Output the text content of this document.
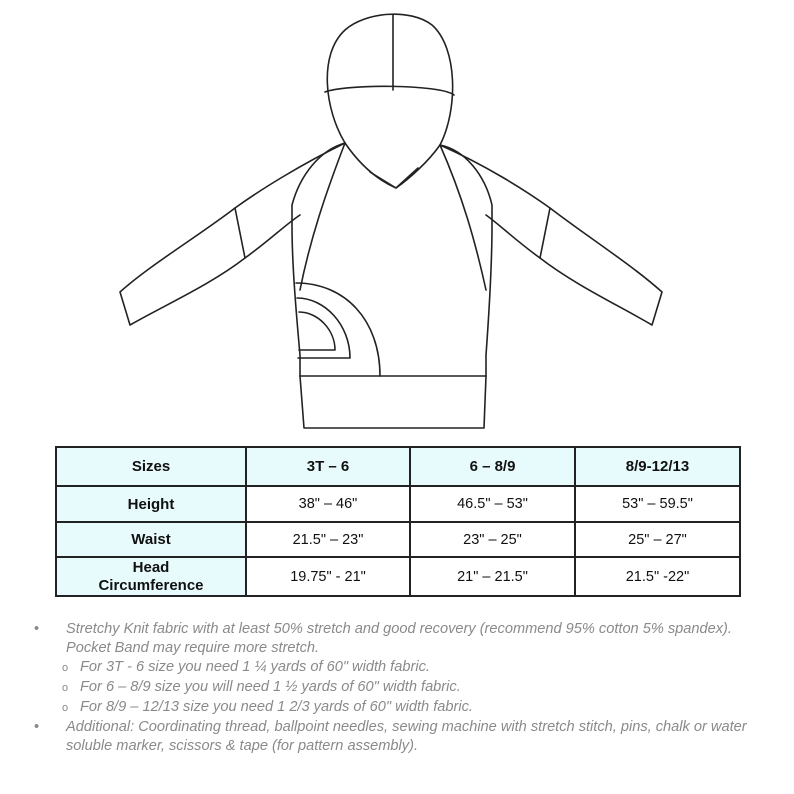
Sizes	3T – 6	6 – 8/9	8/9-12/13
Height	38" – 46"	46.5" – 53"	53" – 59.5"
Waist	21.5" – 23"	23" – 25"	25" – 27"
Head
Circumference	19.75" - 21"	21" – 21.5"	21.5" -22"
•	Stretchy Knit fabric with at least 50% stretch and good recovery (recommend 95% cotton 5% spandex). Pocket Band may require more stretch.
o For 3T - 6 size you need 1 ¼ yards of 60" width fabric.
o For 6 – 8/9 size you will need 1 ½ yards of 60" width fabric.
o For 8/9 – 12/13 size you need 1 2/3 yards of 60" width fabric.
•	Additional: Coordinating thread, ballpoint needles, sewing machine with stretch stitch, pins, chalk or water soluble marker, scissors & tape (for pattern assembly).
